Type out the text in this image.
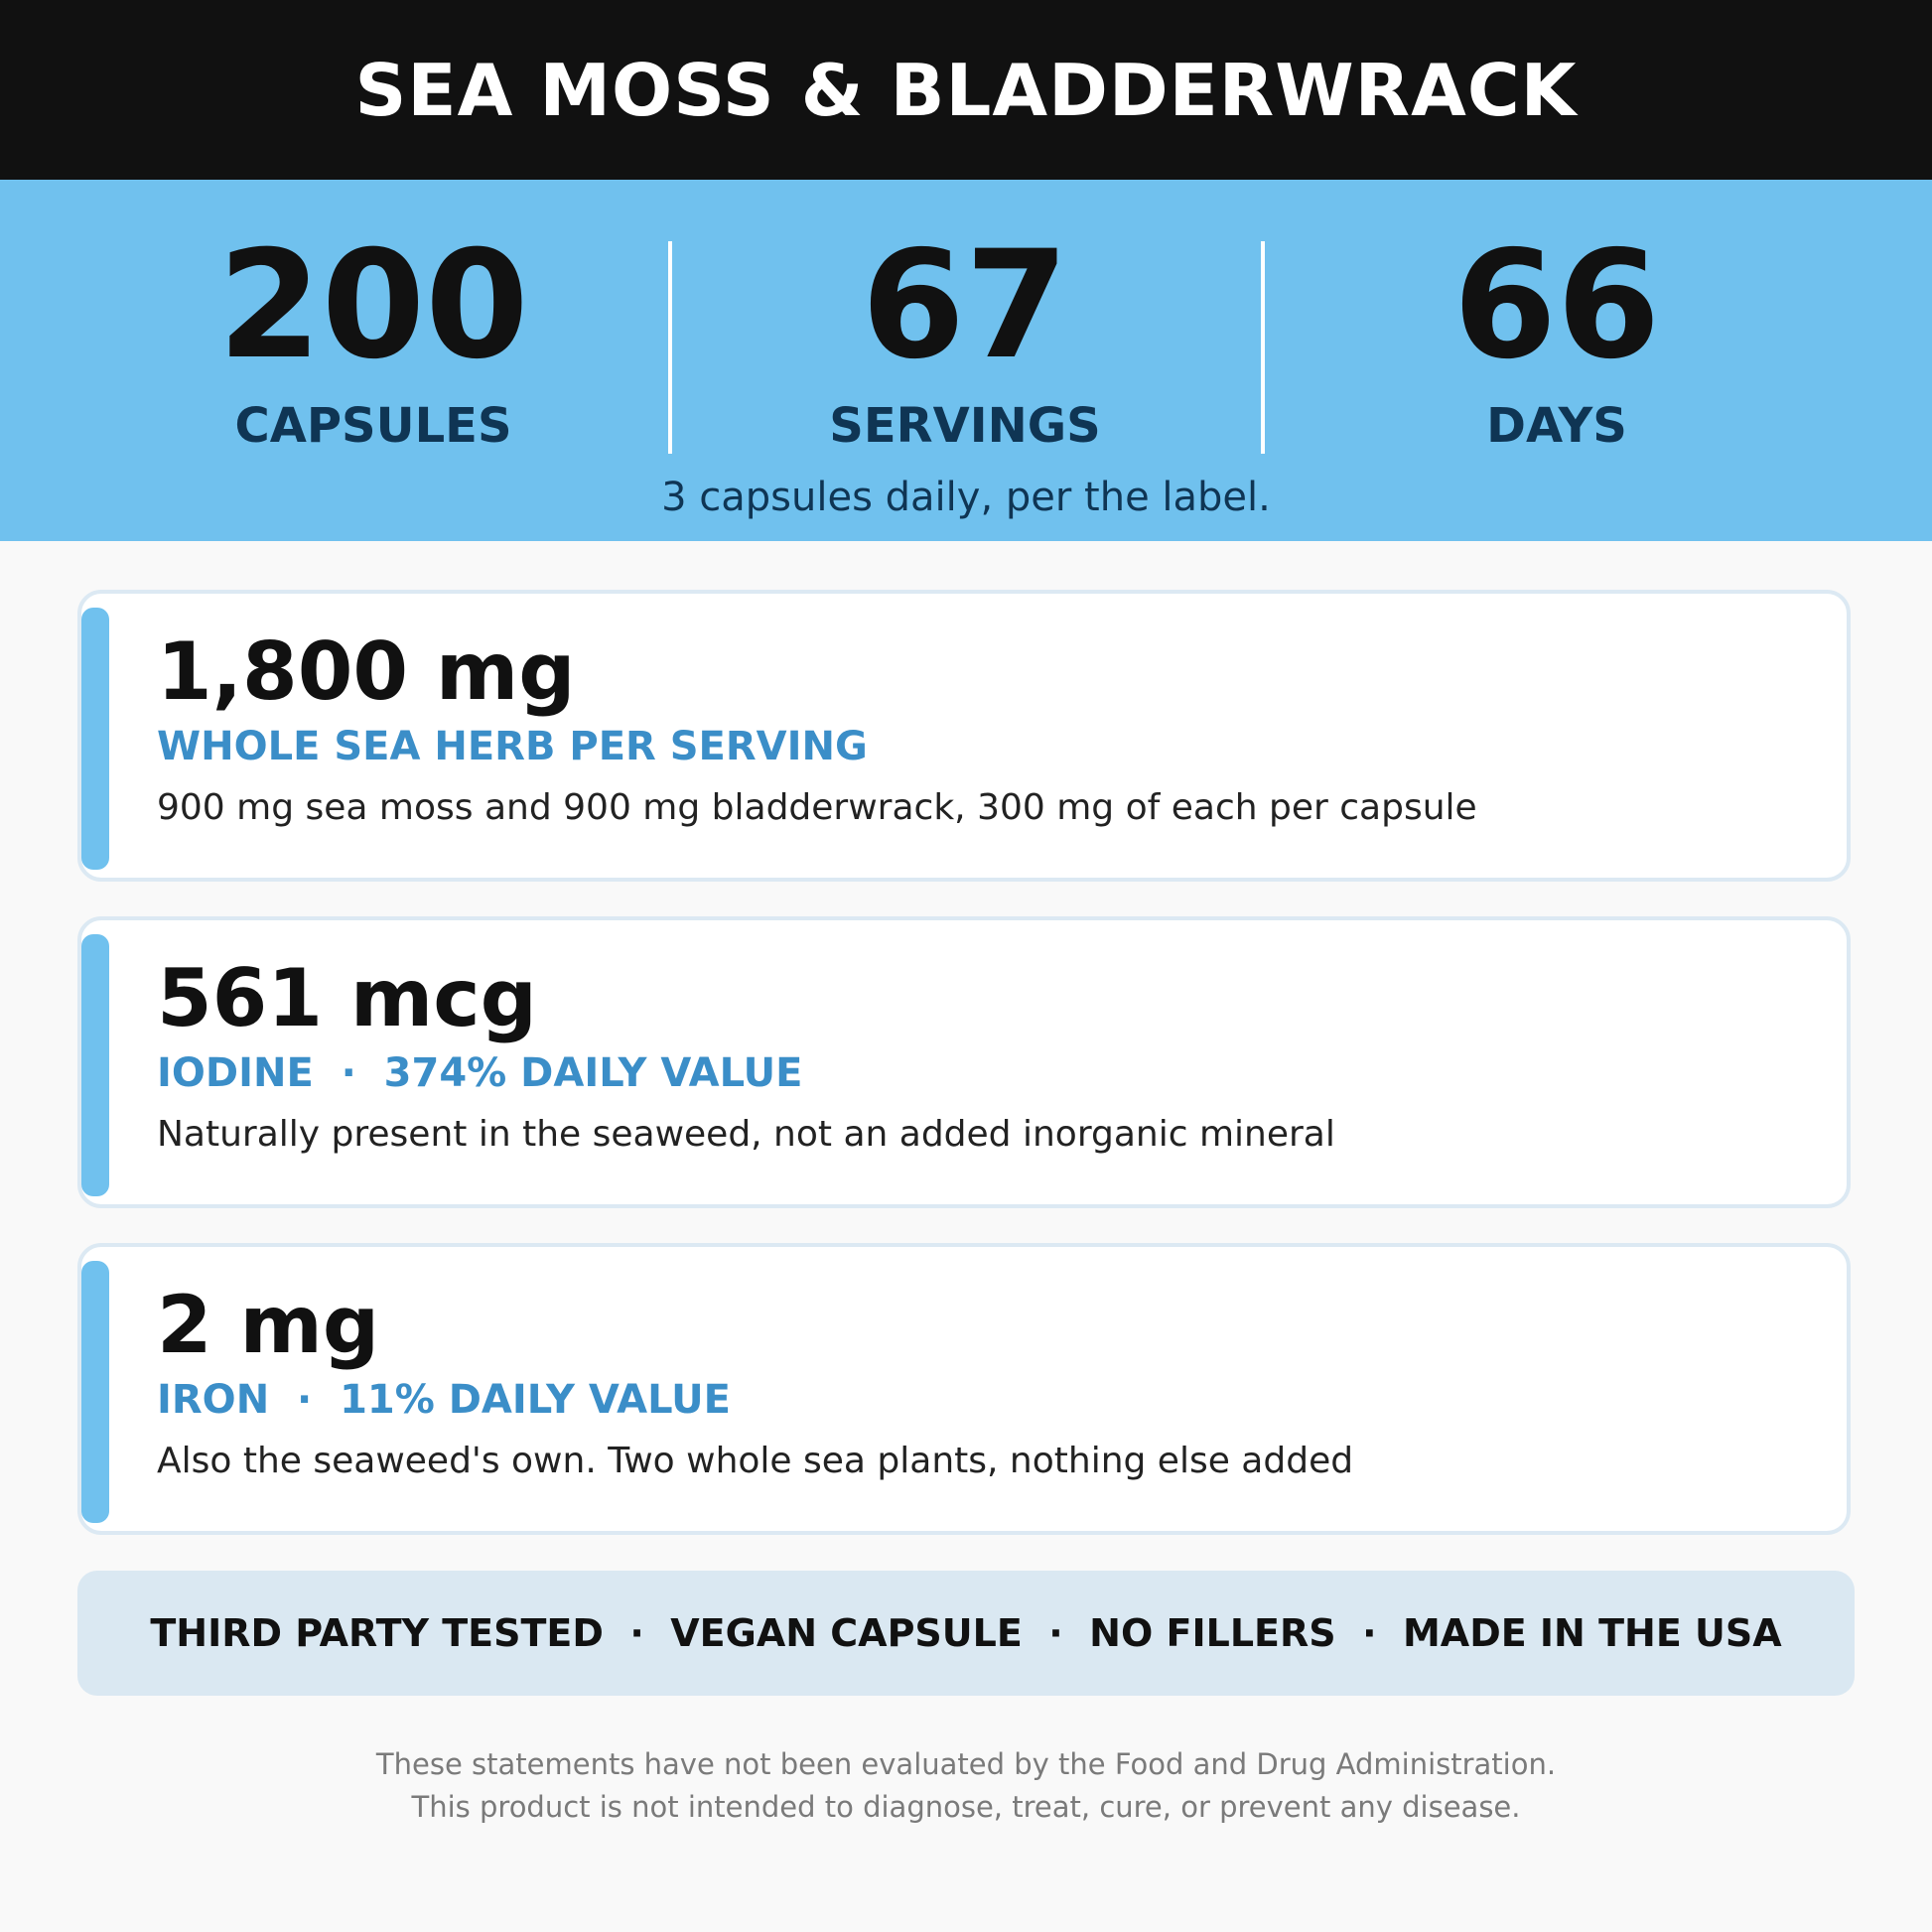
SEA MOSS & BLADDERWRACK
200
CAPSULES
67
SERVINGS
66
DAYS
3 capsules daily, per the label.
1,800 mg
WHOLE SEA HERB PER SERVING
900 mg sea moss and 900 mg bladderwrack, 300 mg of each per capsule
561 mcg
IODINE  ·  374% DAILY VALUE
Naturally present in the seaweed, not an added inorganic mineral
2 mg
IRON  ·  11% DAILY VALUE
Also the seaweed's own. Two whole sea plants, nothing else added
THIRD PARTY TESTED  ·  VEGAN CAPSULE  ·  NO FILLERS  ·  MADE IN THE USA
These statements have not been evaluated by the Food and Drug Administration.
This product is not intended to diagnose, treat, cure, or prevent any disease.
